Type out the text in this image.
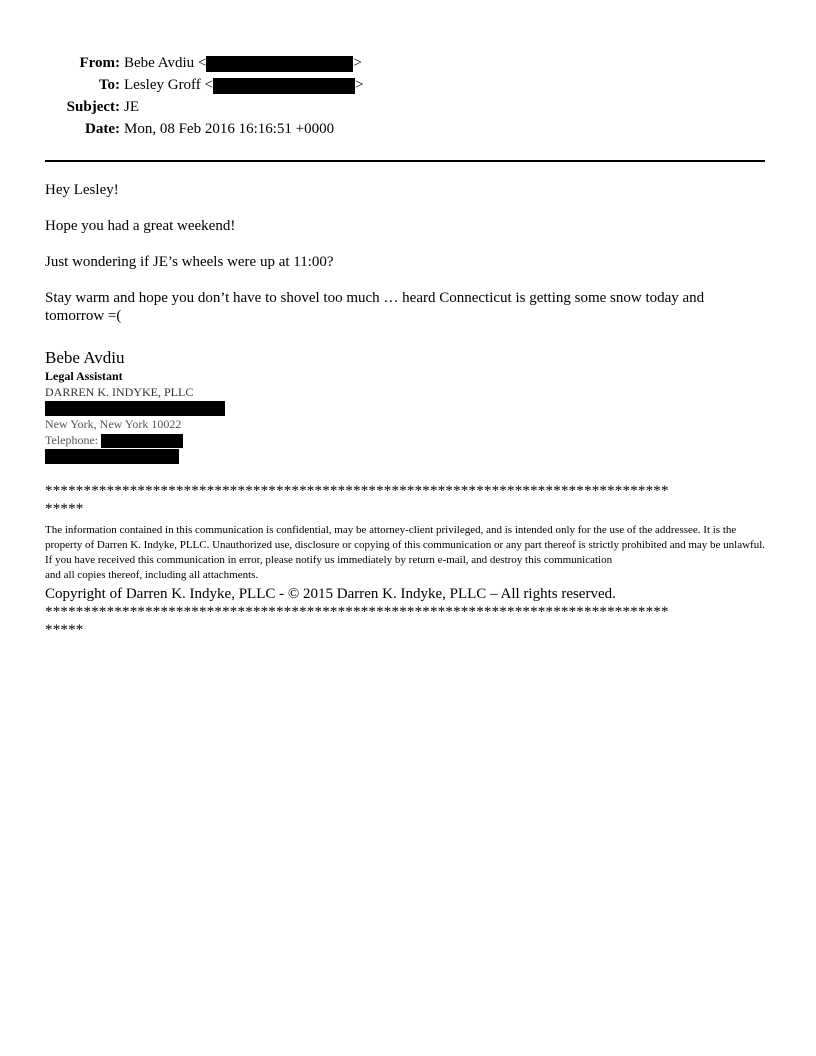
From: Bebe Avdiu <	>
To: Lesley Groff <	>
Subject: JE
Date: Mon, 08 Feb 2016 16:16:51 +0000

Hey Lesley!

Hope you had a great weekend!

Just wondering if JE’s wheels were up at 11:00?

Stay warm and hope you don’t have to shovel too much … heard Connecticut is getting some snow today and tomorrow =(

Bebe Avdiu
Legal Assistant
DARREN K. INDYKE, PLLC
New York, New York 10022
Telephone:
*********************************************************************************
*****
The information contained in this communication is confidential, may be attorney-client privileged, and is intended only for the use of the addressee. It is the property of Darren K. Indyke, PLLC. Unauthorized use, disclosure or copying of this communication or any part thereof is strictly prohibited and may be unlawful. If you have received this communication in error, please notify us immediately by return e-mail, and destroy this communication
and all copies thereof, including all attachments.
Copyright of Darren K. Indyke, PLLC - © 2015 Darren K. Indyke, PLLC – All rights reserved.
*********************************************************************************
*****
